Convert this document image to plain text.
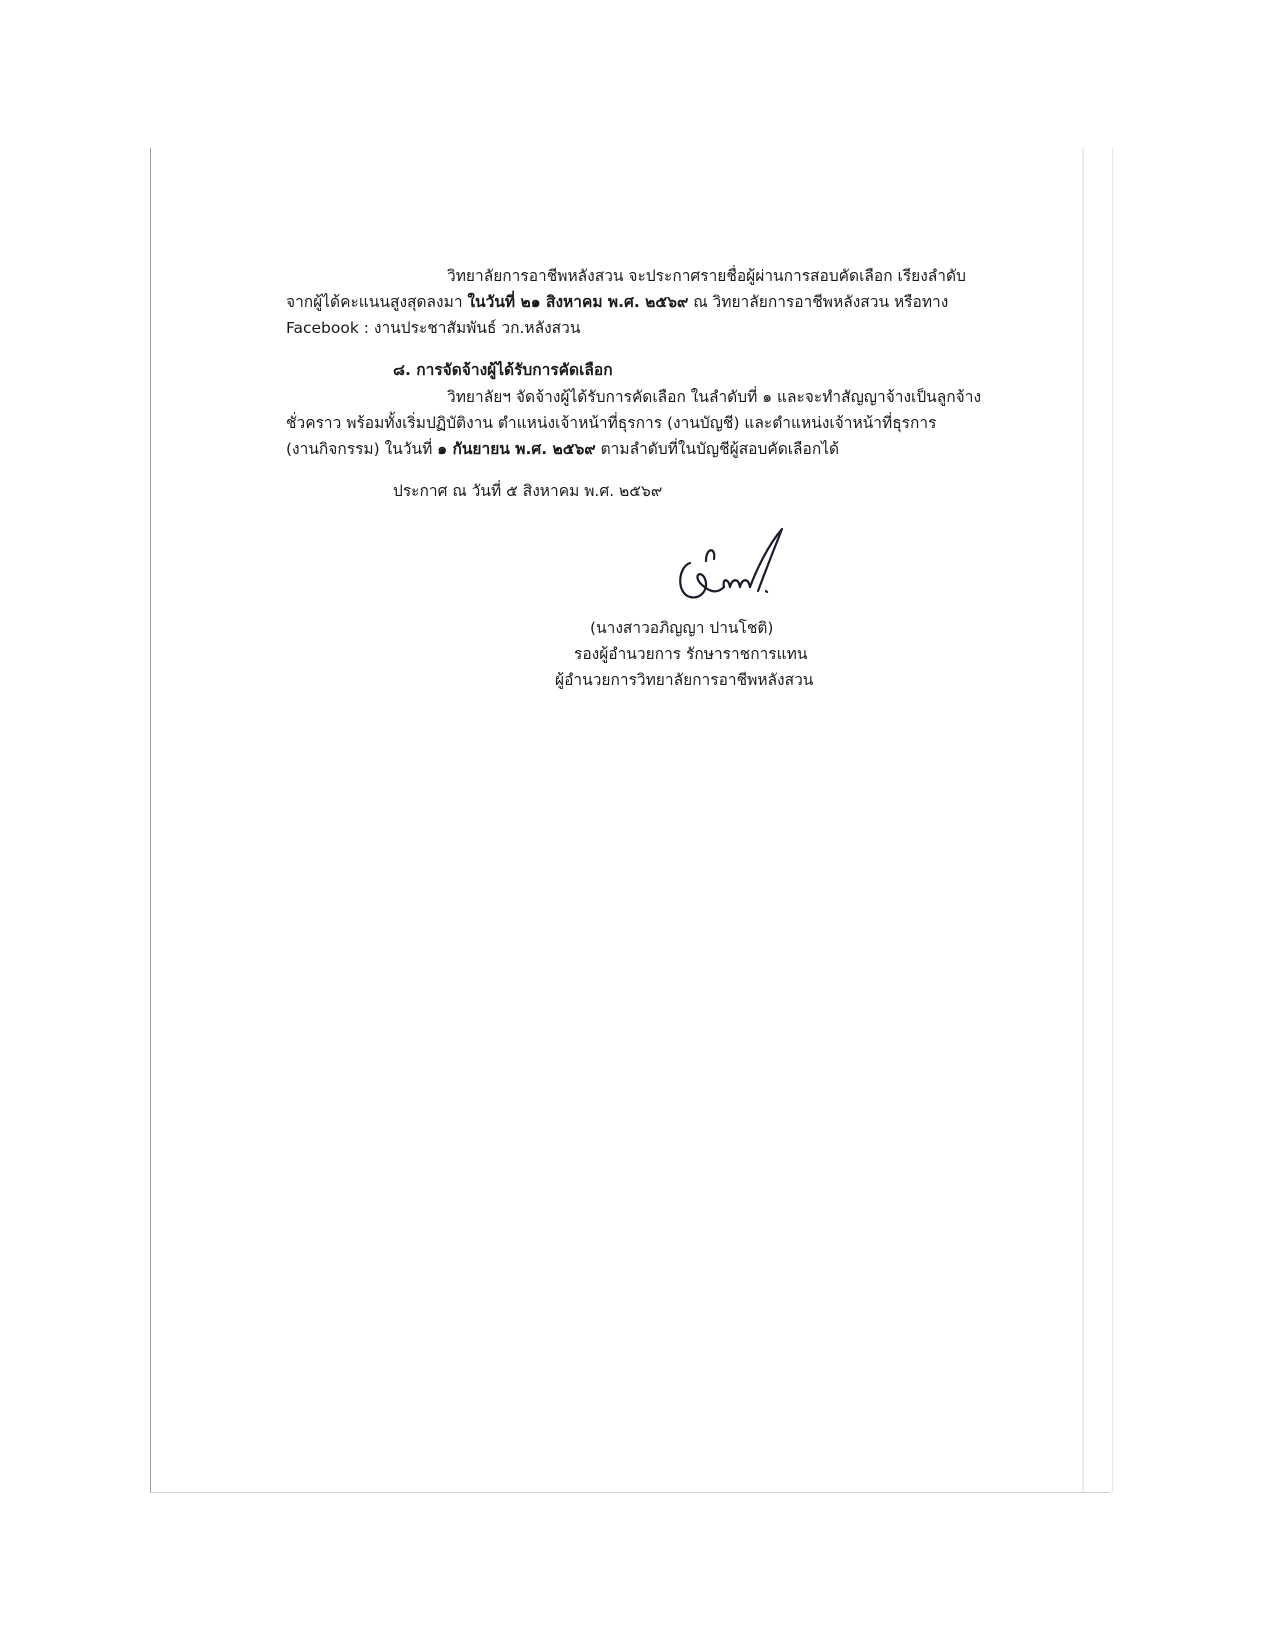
วิทยาลัยการอาชีพหลังสวน จะประกาศรายชื่อผู้ผ่านการสอบคัดเลือก เรียงลำดับ

จากผู้ได้คะแนนสูงสุดลงมา ในวันที่ ๒๑ สิงหาคม พ.ศ. ๒๕๖๙ ณ วิทยาลัยการอาชีพหลังสวน หรือทาง

Facebook : งานประชาสัมพันธ์ วก.หลังสวน

๘. การจัดจ้างผู้ได้รับการคัดเลือก

วิทยาลัยฯ จัดจ้างผู้ได้รับการคัดเลือก ในลำดับที่ ๑ และจะทำสัญญาจ้างเป็นลูกจ้าง

ชั่วคราว พร้อมทั้งเริ่มปฏิบัติงาน ตำแหน่งเจ้าหน้าที่ธุรการ (งานบัญชี) และตำแหน่งเจ้าหน้าที่ธุรการ

(งานกิจกรรม) ในวันที่ ๑ กันยายน พ.ศ. ๒๕๖๙ ตามลำดับที่ในบัญชีผู้สอบคัดเลือกได้

ประกาศ ณ วันที่ ๕ สิงหาคม พ.ศ. ๒๕๖๙

(นางสาวอภิญญา ปานโชติ)

รองผู้อำนวยการ รักษาราชการแทน

ผู้อำนวยการวิทยาลัยการอาชีพหลังสวน
